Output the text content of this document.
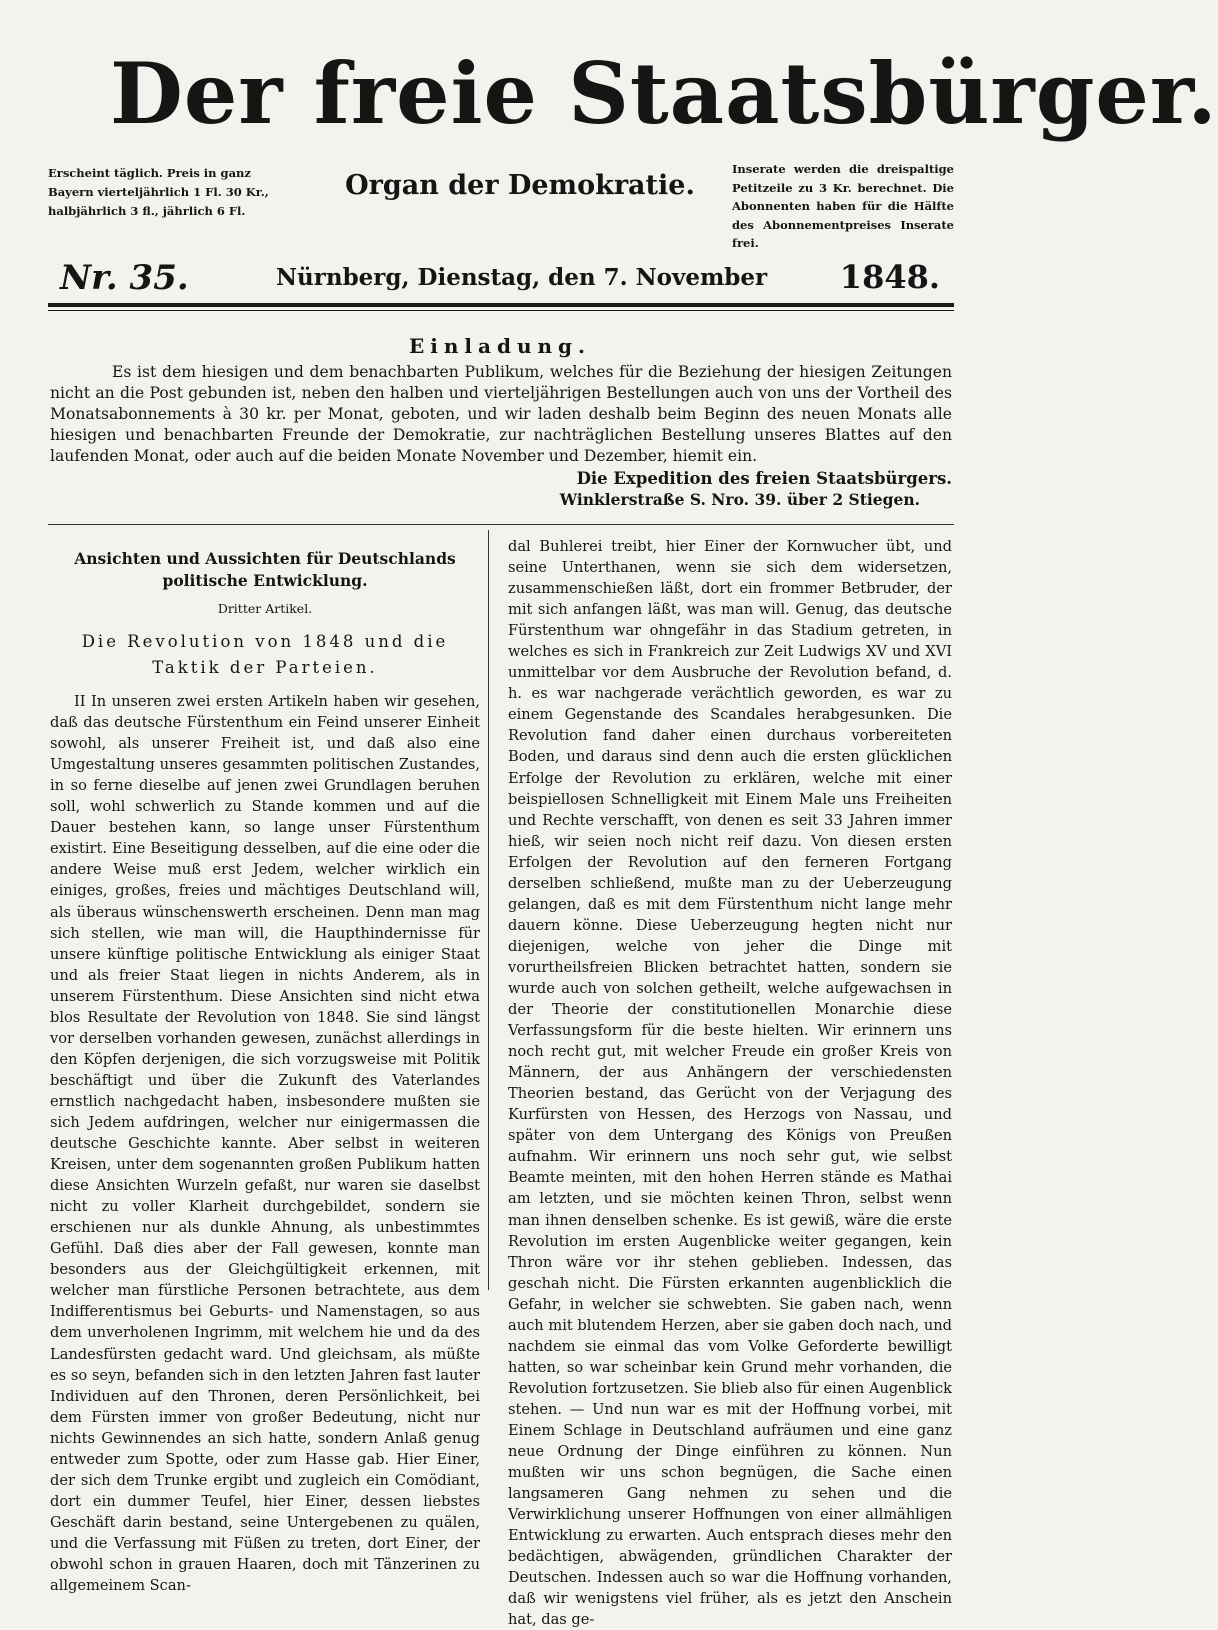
Der freie Staatsbürger.
Erscheint täglich. Preis in ganz Bayern vierteljährlich 1 Fl. 30 Kr., halbjährlich 3 fl., jährlich 6 Fl.
Organ der Demokratie.
Inserate werden die dreispaltige Petitzeile zu 3 Kr. berechnet. Die Abonnenten haben für die Hälfte des Abonnementpreises Inserate frei.
Nr. 35.	Nürnberg, Dienstag, den 7. November 1848.
Einladung.

Es ist dem hiesigen und dem benachbarten Publikum, welches für die Beziehung der hiesigen Zeitungen nicht an die Post gebunden ist, neben den halben und vierteljährigen Bestellungen auch von uns der Vortheil des Monatsabonnements à 30 kr. per Monat, geboten, und wir laden deshalb beim Beginn des neuen Monats alle hiesigen und benachbarten Freunde der Demokratie, zur nachträglichen Bestellung unseres Blattes auf den laufenden Monat, oder auch auf die beiden Monate November und Dezember, hiemit ein.

Die Expedition des freien Staatsbürgers.
Winklerstraße S. Nro. 39. über 2 Stiegen.
Ansichten und Aussichten für Deutschlands politische Entwicklung.
Dritter Artikel.
Die Revolution von 1848 und die Taktik der Parteien.

II In unseren zwei ersten Artikeln haben wir gesehen, daß das deutsche Fürstenthum ein Feind unserer Einheit sowohl, als unserer Freiheit ist, und daß also eine Umgestaltung unseres gesammten politischen Zustandes, in so ferne dieselbe auf jenen zwei Grundlagen beruhen soll, wohl schwerlich zu Stande kommen und auf die Dauer bestehen kann, so lange unser Fürstenthum existirt. Eine Beseitigung desselben, auf die eine oder die andere Weise muß erst Jedem, welcher wirklich ein einiges, großes, freies und mächtiges Deutschland will, als überaus wünschenswerth erscheinen. Denn man mag sich stellen, wie man will, die Haupthindernisse für unsere künftige politische Entwicklung als einiger Staat und als freier Staat liegen in nichts Anderem, als in unserem Fürstenthum. Diese Ansichten sind nicht etwa blos Resultate der Revolution von 1848. Sie sind längst vor derselben vorhanden gewesen, zunächst allerdings in den Köpfen derjenigen, die sich vorzugsweise mit Politik beschäftigt und über die Zukunft des Vaterlandes ernstlich nachgedacht haben, insbesondere mußten sie sich Jedem aufdringen, welcher nur einigermassen die deutsche Geschichte kannte. Aber selbst in weiteren Kreisen, unter dem sogenannten großen Publikum hatten diese Ansichten Wurzeln gefaßt, nur waren sie daselbst nicht zu voller Klarheit durchgebildet, sondern sie erschienen nur als dunkle Ahnung, als unbestimmtes Gefühl. Daß dies aber der Fall gewesen, konnte man besonders aus der Gleichgültigkeit erkennen, mit welcher man fürstliche Personen betrachtete, aus dem Indifferentismus bei Geburts- und Namenstagen, so aus dem unverholenen Ingrimm, mit welchem hie und da des Landesfürsten gedacht ward. Und gleichsam, als müßte es so seyn, befanden sich in den letzten Jahren fast lauter Individuen auf den Thronen, deren Persönlichkeit, bei dem Fürsten immer von großer Bedeutung, nicht nur nichts Gewinnendes an sich hatte, sondern Anlaß genug entweder zum Spotte, oder zum Hasse gab. Hier Einer, der sich dem Trunke ergibt und zugleich ein Comödiant, dort ein dummer Teufel, hier Einer, dessen liebstes Geschäft darin bestand, seine Untergebenen zu quälen, und die Verfassung mit Füßen zu treten, dort Einer, der obwohl schon in grauen Haaren, doch mit Tänzerinen zu allgemeinem Scan-

dal Buhlerei treibt, hier Einer der Kornwucher übt, und seine Unterthanen, wenn sie sich dem widersetzen, zusammenschießen läßt, dort ein frommer Betbruder, der mit sich anfangen läßt, was man will. Genug, das deutsche Fürstenthum war ohngefähr in das Stadium getreten, in welches es sich in Frankreich zur Zeit Ludwigs XV und XVI unmittelbar vor dem Ausbruche der Revolution befand, d. h. es war nachgerade verächtlich geworden, es war zu einem Gegenstande des Scandales herabgesunken. Die Revolution fand daher einen durchaus vorbereiteten Boden, und daraus sind denn auch die ersten glücklichen Erfolge der Revolution zu erklären, welche mit einer beispiellosen Schnelligkeit mit Einem Male uns Freiheiten und Rechte verschafft, von denen es seit 33 Jahren immer hieß, wir seien noch nicht reif dazu. Von diesen ersten Erfolgen der Revolution auf den ferneren Fortgang derselben schließend, mußte man zu der Ueberzeugung gelangen, daß es mit dem Fürstenthum nicht lange mehr dauern könne. Diese Ueberzeugung hegten nicht nur diejenigen, welche von jeher die Dinge mit vorurtheilsfreien Blicken betrachtet hatten, sondern sie wurde auch von solchen getheilt, welche aufgewachsen in der Theorie der constitutionellen Monarchie diese Verfassungsform für die beste hielten. Wir erinnern uns noch recht gut, mit welcher Freude ein großer Kreis von Männern, der aus Anhängern der verschiedensten Theorien bestand, das Gerücht von der Verjagung des Kurfürsten von Hessen, des Herzogs von Nassau, und später von dem Untergang des Königs von Preußen aufnahm. Wir erinnern uns noch sehr gut, wie selbst Beamte meinten, mit den hohen Herren stände es Mathai am letzten, und sie möchten keinen Thron, selbst wenn man ihnen denselben schenke. Es ist gewiß, wäre die erste Revolution im ersten Augenblicke weiter gegangen, kein Thron wäre vor ihr stehen geblieben. Indessen, das geschah nicht. Die Fürsten erkannten augenblicklich die Gefahr, in welcher sie schwebten. Sie gaben nach, wenn auch mit blutendem Herzen, aber sie gaben doch nach, und nachdem sie einmal das vom Volke Geforderte bewilligt hatten, so war scheinbar kein Grund mehr vorhanden, die Revolution fortzusetzen. Sie blieb also für einen Augenblick stehen. — Und nun war es mit der Hoffnung vorbei, mit Einem Schlage in Deutschland aufräumen und eine ganz neue Ordnung der Dinge einführen zu können. Nun mußten wir uns schon begnügen, die Sache einen langsameren Gang nehmen zu sehen und die Verwirklichung unserer Hoffnungen von einer allmähligen Entwicklung zu erwarten. Auch entsprach dieses mehr den bedächtigen, abwägenden, gründlichen Charakter der Deutschen. Indessen auch so war die Hoffnung vorhanden, daß wir wenigstens viel früher, als es jetzt den Anschein hat, das ge-
